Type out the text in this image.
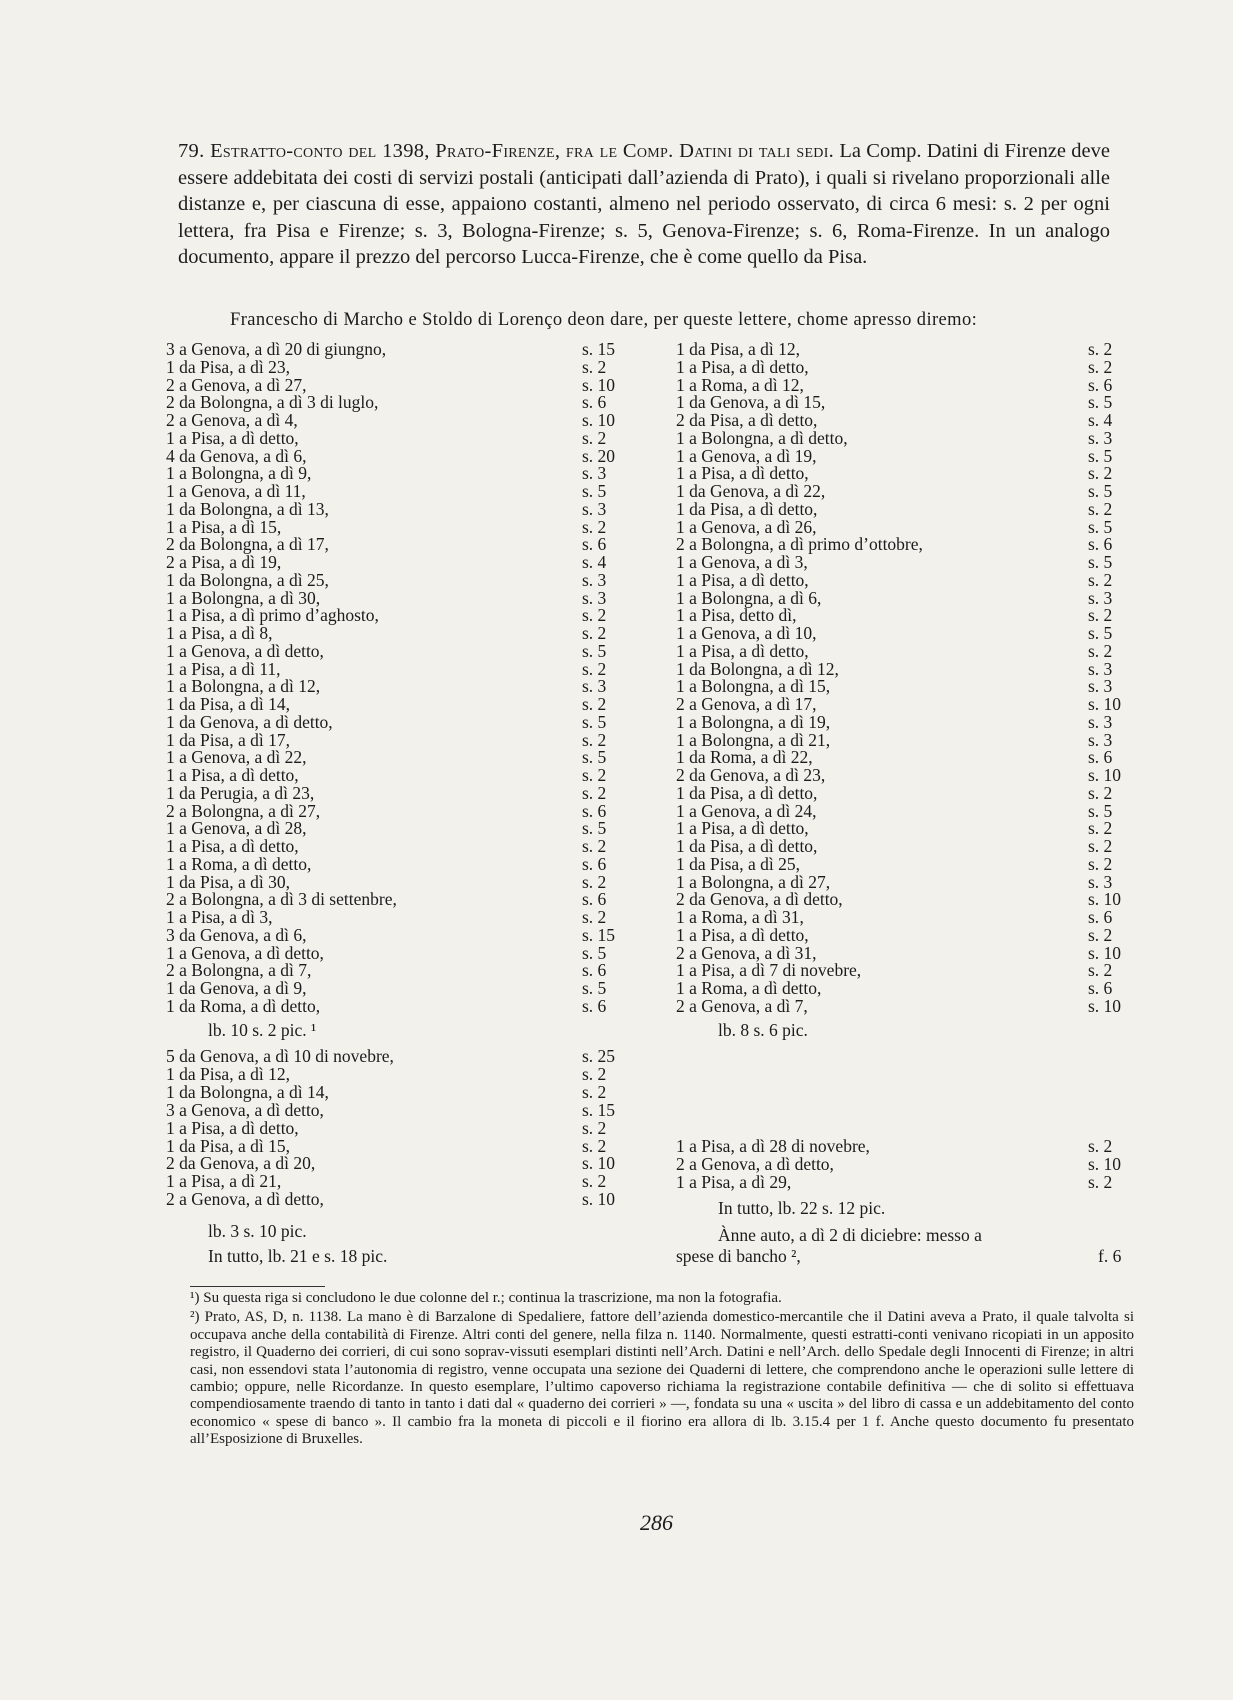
79. Estratto-conto del 1398, Prato-Firenze, fra le Comp. Datini di tali sedi. La Comp. Datini di Firenze deve essere addebitata dei costi di servizi postali (anticipati dall’azienda di Prato), i quali si rivelano proporzionali alle distanze e, per ciascuna di esse, appaiono costanti, almeno nel periodo osservato, di circa 6 mesi: s. 2 per ogni lettera, fra Pisa e Firenze; s. 3, Bologna-Firenze; s. 5, Genova-Firenze; s. 6, Roma-Firenze. In un analogo documento, appare il prezzo del percorso Lucca-Firenze, che è come quello da Pisa.
Francescho di Marcho e Stoldo di Lorenço deon dare, per queste lettere, chome apresso diremo:
3 a Genova, a dì 20 di giungno,	s. 15
1 da Pisa, a dì 23,	s. 2
2 a Genova, a dì 27,	s. 10
2 da Bolongna, a dì 3 di luglo,	s. 6
2 a Genova, a dì 4,	s. 10
1 a Pisa, a dì detto,	s. 2
4 da Genova, a dì 6,	s. 20
1 a Bolongna, a dì 9,	s. 3
1 a Genova, a dì 11,	s. 5
1 da Bolongna, a dì 13,	s. 3
1 a Pisa, a dì 15,	s. 2
2 da Bolongna, a dì 17,	s. 6
2 a Pisa, a dì 19,	s. 4
1 da Bolongna, a dì 25,	s. 3
1 a Bolongna, a dì 30,	s. 3
1 a Pisa, a dì primo d’aghosto,	s. 2
1 a Pisa, a dì 8,	s. 2
1 a Genova, a dì detto,	s. 5
1 a Pisa, a dì 11,	s. 2
1 a Bolongna, a dì 12,	s. 3
1 da Pisa, a dì 14,	s. 2
1 da Genova, a dì detto,	s. 5
1 da Pisa, a dì 17,	s. 2
1 a Genova, a dì 22,	s. 5
1 a Pisa, a dì detto,	s. 2
1 da Perugia, a dì 23,	s. 2
2 a Bolongna, a dì 27,	s. 6
1 a Genova, a dì 28,	s. 5
1 a Pisa, a dì detto,	s. 2
1 a Roma, a dì detto,	s. 6
1 da Pisa, a dì 30,	s. 2
2 a Bolongna, a dì 3 di settenbre,	s. 6
1 a Pisa, a dì 3,	s. 2
3 da Genova, a dì 6,	s. 15
1 a Genova, a dì detto,	s. 5
2 a Bolongna, a dì 7,	s. 6
1 da Genova, a dì 9,	s. 5
1 da Roma, a dì detto,	s. 6
lb. 10 s. 2 pic. ¹
5 da Genova, a dì 10 di novebre,	s. 25
1 da Pisa, a dì 12,	s. 2
1 da Bolongna, a dì 14,	s. 2
3 a Genova, a dì detto,	s. 15
1 a Pisa, a dì detto,	s. 2
1 da Pisa, a dì 15,	s. 2
2 da Genova, a dì 20,	s. 10
1 a Pisa, a dì 21,	s. 2
2 a Genova, a dì detto,	s. 10
lb. 3 s. 10 pic.
In tutto, lb. 21 e s. 18 pic.
1 da Pisa, a dì 12,	s. 2
1 a Pisa, a dì detto,	s. 2
1 a Roma, a dì 12,	s. 6
1 da Genova, a dì 15,	s. 5
2 da Pisa, a dì detto,	s. 4
1 a Bolongna, a dì detto,	s. 3
1 a Genova, a dì 19,	s. 5
1 a Pisa, a dì detto,	s. 2
1 da Genova, a dì 22,	s. 5
1 da Pisa, a dì detto,	s. 2
1 a Genova, a dì 26,	s. 5
2 a Bolongna, a dì primo d’ottobre,	s. 6
1 a Genova, a dì 3,	s. 5
1 a Pisa, a dì detto,	s. 2
1 a Bolongna, a dì 6,	s. 3
1 a Pisa, detto dì,	s. 2
1 a Genova, a dì 10,	s. 5
1 a Pisa, a dì detto,	s. 2
1 da Bolongna, a dì 12,	s. 3
1 a Bolongna, a dì 15,	s. 3
2 a Genova, a dì 17,	s. 10
1 a Bolongna, a dì 19,	s. 3
1 a Bolongna, a dì 21,	s. 3
1 da Roma, a dì 22,	s. 6
2 da Genova, a dì 23,	s. 10
1 da Pisa, a dì detto,	s. 2
1 a Genova, a dì 24,	s. 5
1 a Pisa, a dì detto,	s. 2
1 da Pisa, a dì detto,	s. 2
1 da Pisa, a dì 25,	s. 2
1 a Bolongna, a dì 27,	s. 3
2 da Genova, a dì detto,	s. 10
1 a Roma, a dì 31,	s. 6
1 a Pisa, a dì detto,	s. 2
2 a Genova, a dì 31,	s. 10
1 a Pisa, a dì 7 di novebre,	s. 2
1 a Roma, a dì detto,	s. 6
2 a Genova, a dì 7,	s. 10
lb. 8 s. 6 pic.
1 a Pisa, a dì 28 di novebre,	s. 2
2 a Genova, a dì detto,	s. 10
1 a Pisa, a dì 29,	s. 2
In tutto, lb. 22 s. 12 pic.
Ànne auto, a dì 2 di diciebre: messo a
spese di bancho ²,	f. 6

¹) Su questa riga si concludono le due colonne del r.; continua la trascrizione, ma non la fotografia.

²) Prato, AS, D, n. 1138. La mano è di Barzalone di Spedaliere, fattore dell’azienda domestico-mercantile che il Datini aveva a Prato, il quale talvolta si occupava anche della contabilità di Firenze. Altri conti del genere, nella filza n. 1140. Normalmente, questi estratti-conti venivano ricopiati in un apposito registro, il Quaderno dei corrieri, di cui sono soprav-vissuti esemplari distinti nell’Arch. Datini e nell’Arch. dello Spedale degli Innocenti di Firenze; in altri casi, non essendovi stata l’autonomia di registro, venne occupata una sezione dei Quaderni di lettere, che comprendono anche le operazioni sulle lettere di cambio; oppure, nelle Ricordanze. In questo esemplare, l’ultimo capoverso richiama la registrazione contabile definitiva — che di solito si effettuava compendiosamente traendo di tanto in tanto i dati dal « quaderno dei corrieri » —, fondata su una « uscita » del libro di cassa e un addebitamento del conto economico « spese di banco ». Il cambio fra la moneta di piccoli e il fiorino era allora di lb. 3.15.4 per 1 f. Anche questo documento fu presentato all’Esposizione di Bruxelles.

286
